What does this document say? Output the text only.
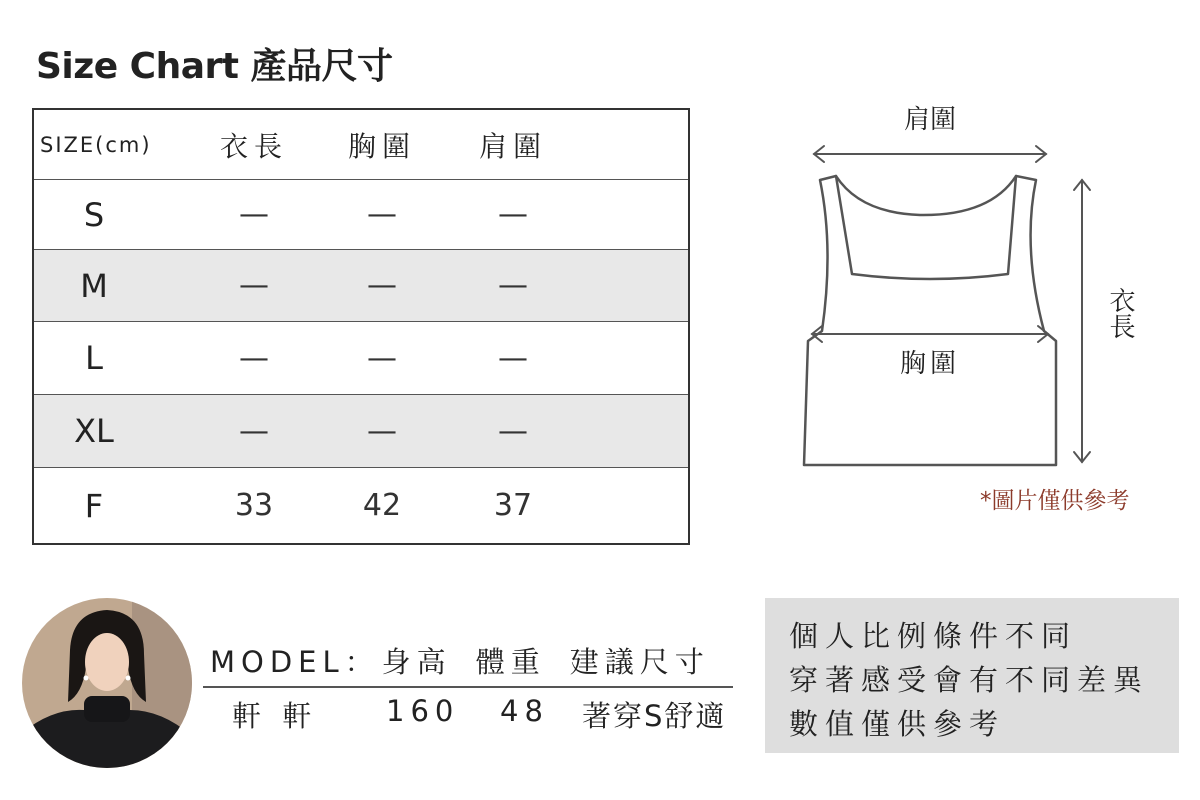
Size Chart 產品尺寸
SIZE(cm)	衣長	胸圍	肩圍
S	—	—	—
M	—	—	—
L	—	—	—
XL	—	—	—
F	33	42	37
肩圍
胸圍
衣長
*圖片僅供參考
MODEL：身高 體重 建議尺寸
軒 軒 160 48 著穿S舒適
個人比例條件不同
穿著感受會有不同差異
數值僅供參考
